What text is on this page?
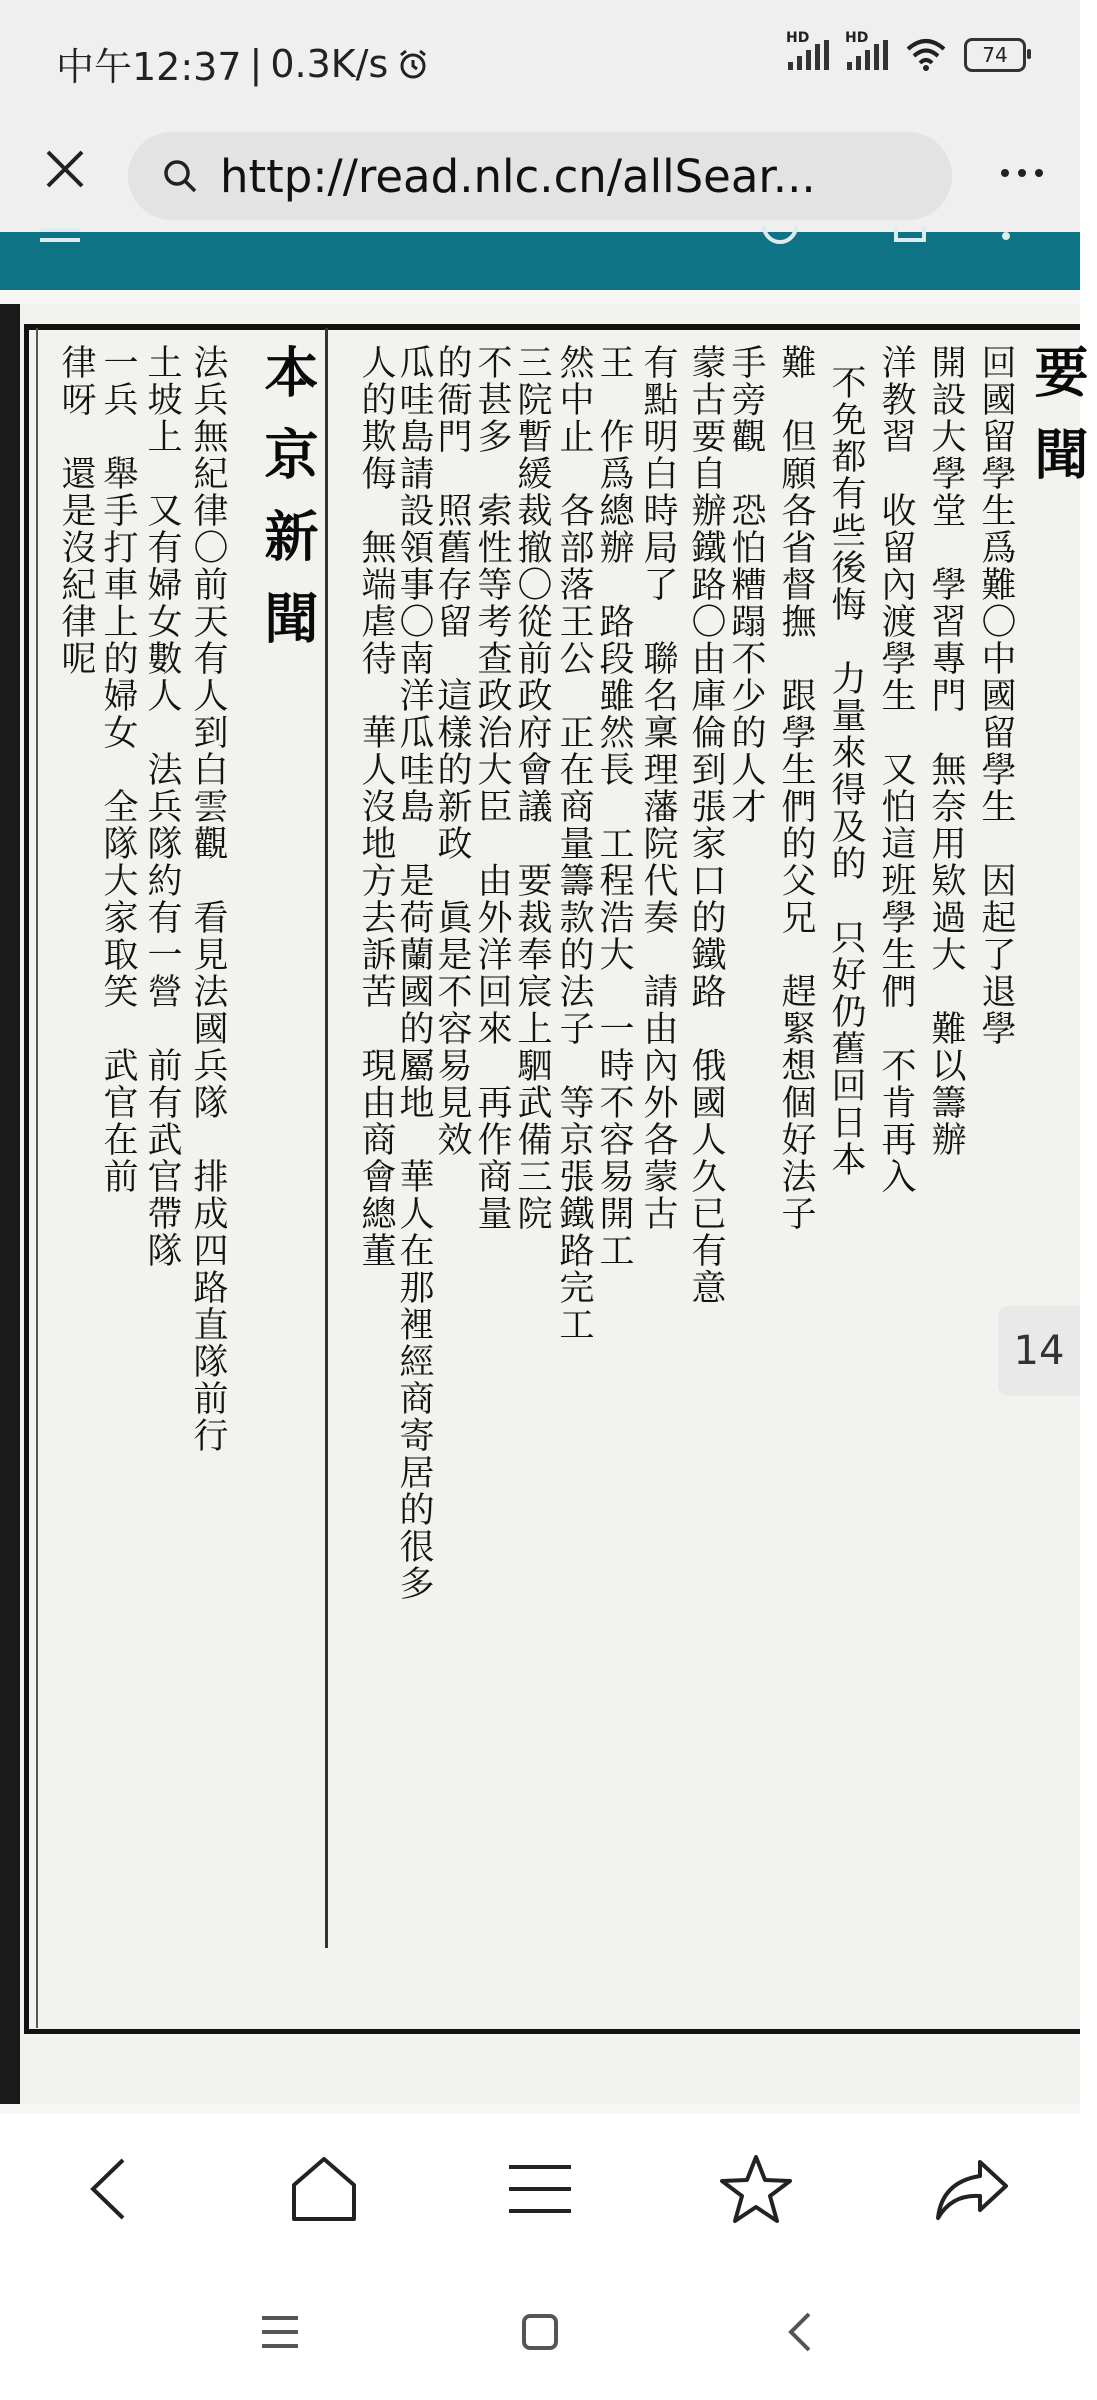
中午12:37 | 0.3K/s
HD	HD
74
http://read.nlc.cn/allSear...
要聞
回國留學生爲難〇中國留學生　因起了退學
開設大學堂　學習專門　無奈用欵過大　難以籌辦
洋教習　收留內渡學生　又怕這班學生們　不肯再入
不免都有些後悔　力量來得及的　只好仍舊回日本
難　但願各省督撫　跟學生們的父兄　趕緊想個好法子
手旁觀　恐怕糟蹋不少的人才
蒙古要自辦鐵路〇由庫倫到張家口的鐵路　俄國人久已有意
有點明白時局了　聯名稟理藩院代奏　請由內外各蒙古
王　作爲總辦　路段雖然長　工程浩大　一時不容易開工
然中止　各部落王公　正在商量籌款的法子　等京張鐵路完工
三院暫緩裁撤〇從前政府會議　要裁奉宸上駟武備三院
不甚多　索性等考查政治大臣　由外洋回來　再作商量
的衙門　照舊存留　這樣的新政　眞是不容易見效
瓜哇島請設領事〇南洋瓜哇島　是荷蘭國的屬地　華人在那裡經商寄居的很多
人的欺侮　無端虐待　華人沒地方去訴苦　現由商會總董
本京新聞
法兵無紀律〇前天有人到白雲觀　看見法國兵隊　排成四路直隊前行
土坡上　又有婦女數人　法兵隊約有一營　前有武官帶隊
一兵　舉手打車上的婦女　全隊大家取笑　武官在前
律呀　還是沒紀律呢
14
